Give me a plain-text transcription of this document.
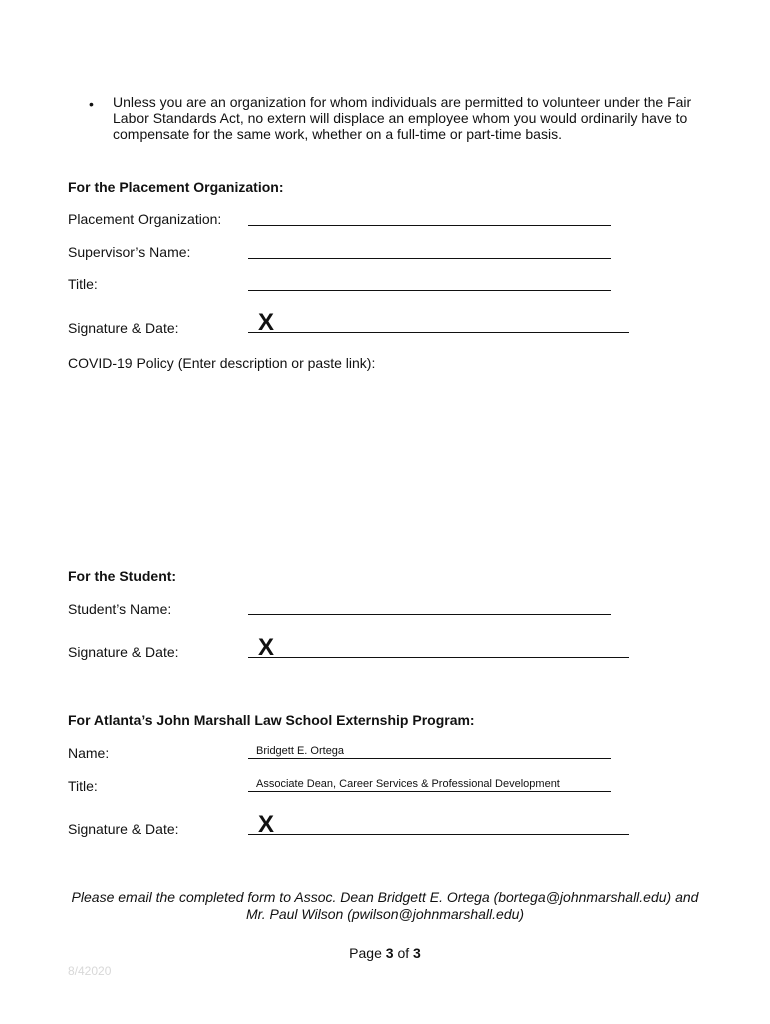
• Unless you are an organization for whom individuals are permitted to volunteer under the Fair Labor Standards Act, no extern will displace an employee whom you would ordinarily have to compensate for the same work, whether on a full-time or part-time basis.
For the Placement Organization:
Placement Organization:
Supervisor’s Name:
Title:
Signature & Date:	X
COVID-19 Policy (Enter description or paste link):
For the Student:
Student’s Name:
Signature & Date:	X
For Atlanta’s John Marshall Law School Externship Program:
Name:	Bridgett E. Ortega
Title:	Associate Dean, Career Services & Professional Development
Signature & Date:	X
Please email the completed form to Assoc. Dean Bridgett E. Ortega (bortega@johnmarshall.edu) and
Mr. Paul Wilson (pwilson@johnmarshall.edu)
Page 3 of 3
8/42020
